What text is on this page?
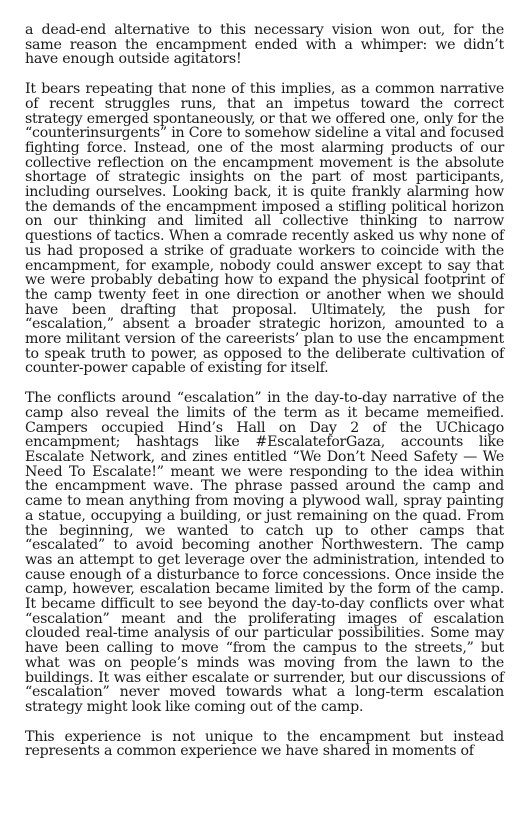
a dead-end alternative to this necessary vision won out, for the same reason the encampment ended with a whimper: we didn’t have enough outside agitators!

It bears repeating that none of this implies, as a common narrative of recent struggles runs, that an impetus toward the correct strategy emerged spontaneously, or that we offered one, only for the “counterinsurgents” in Core to somehow sideline a vital and focused fighting force. Instead, one of the most alarming products of our collective reflection on the encampment movement is the absolute shortage of strategic insights on the part of most participants, including ourselves. Looking back, it is quite frankly alarming how the demands of the encampment imposed a stifling political horizon on our thinking and limited all collective thinking to narrow questions of tactics. When a comrade recently asked us why none of us had proposed a strike of graduate workers to coincide with the encampment, for example, nobody could answer except to say that we were probably debating how to expand the physical footprint of the camp twenty feet in one direction or another when we should have been drafting that proposal. Ultimately, the push for “escalation,” absent a broader strategic horizon, amounted to a more militant version of the careerists’ plan to use the encampment to speak truth to power, as opposed to the deliberate cultivation of counter-power capable of existing for itself.

The conflicts around “escalation” in the day-to-day narrative of the camp also reveal the limits of the term as it became memeified. Campers occupied Hind’s Hall on Day 2 of the UChicago encampment; hashtags like #EscalateforGaza, accounts like Escalate Network, and zines entitled “We Don’t Need Safety — We Need To Escalate!” meant we were responding to the idea within the encampment wave. The phrase passed around the camp and came to mean anything from moving a plywood wall, spray painting a statue, occupying a building, or just remaining on the quad. From the beginning, we wanted to catch up to other camps that “escalated” to avoid becoming another Northwestern. The camp was an attempt to get leverage over the administration, intended to cause enough of a disturbance to force concessions. Once inside the camp, however, escalation became limited by the form of the camp. It became difficult to see beyond the day-to-day conflicts over what “escalation” meant and the proliferating images of escalation clouded real-time analysis of our particular possibilities. Some may have been calling to move “from the campus to the streets,” but what was on people’s minds was moving from the lawn to the buildings. It was either escalate or surrender, but our discussions of “escalation” never moved towards what a long-term escalation strategy might look like coming out of the camp.

This experience is not unique to the encampment but instead represents a common experience we have shared in moments of
